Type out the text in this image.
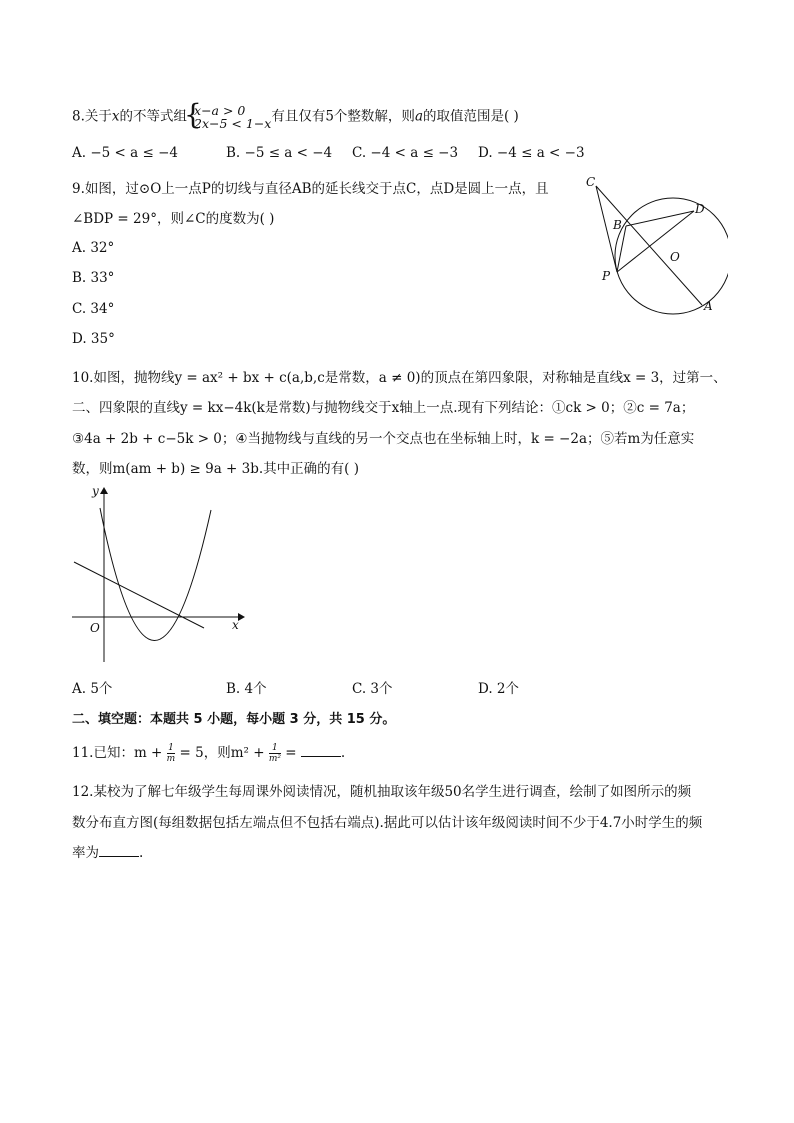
8.关于x的不等式组
{ x−a > 0
2x−5 < 1−x 有且仅有5个整数解，则a的取值范围是( )
A. −5 < a ≤ −4	B. −5 ≤ a < −4 C. −4 < a ≤ −3 D. −4 ≤ a < −3
9.如图，过⊙O上一点P的切线与直径AB的延长线交于点C，点D是圆上一点，且
∠BDP = 29°，则∠C的度数为( )
A. 32°
B. 33°
C. 34°
D. 35°
C
D
B
O
P
A
10.如图，抛物线y = ax² + bx + c(a,b,c是常数，a ≠ 0)的顶点在第四象限，对称轴是直线x = 3，过第一、
二、四象限的直线y = kx−4k(k是常数)与抛物线交于x轴上一点.现有下列结论：①ck > 0；②c = 7a；
③4a + 2b + c−5k > 0；④当抛物线与直线的另一个交点也在坐标轴上时，k = −2a；⑤若m为任意实
数，则m(am + b) ≥ 9a + 3b.其中正确的有( )
y
x
O
A. 5个	B. 4个	C. 3个	D. 2个
二、填空题：本题共 5 小题，每小题 3 分，共 15 分。
11.已知：$m + \frac{1}{m} = 5$，则$m^2 + \frac{1}{\text{m²}}$ =	.
12.某校为了解七年级学生每周课外阅读情况，随机抽取该年级50名学生进行调查，绘制了如图所示的频
数分布直方图(每组数据包括左端点但不包括右端点).据此可以估计该年级阅读时间不少于4.7小时学生的频
率为	.
